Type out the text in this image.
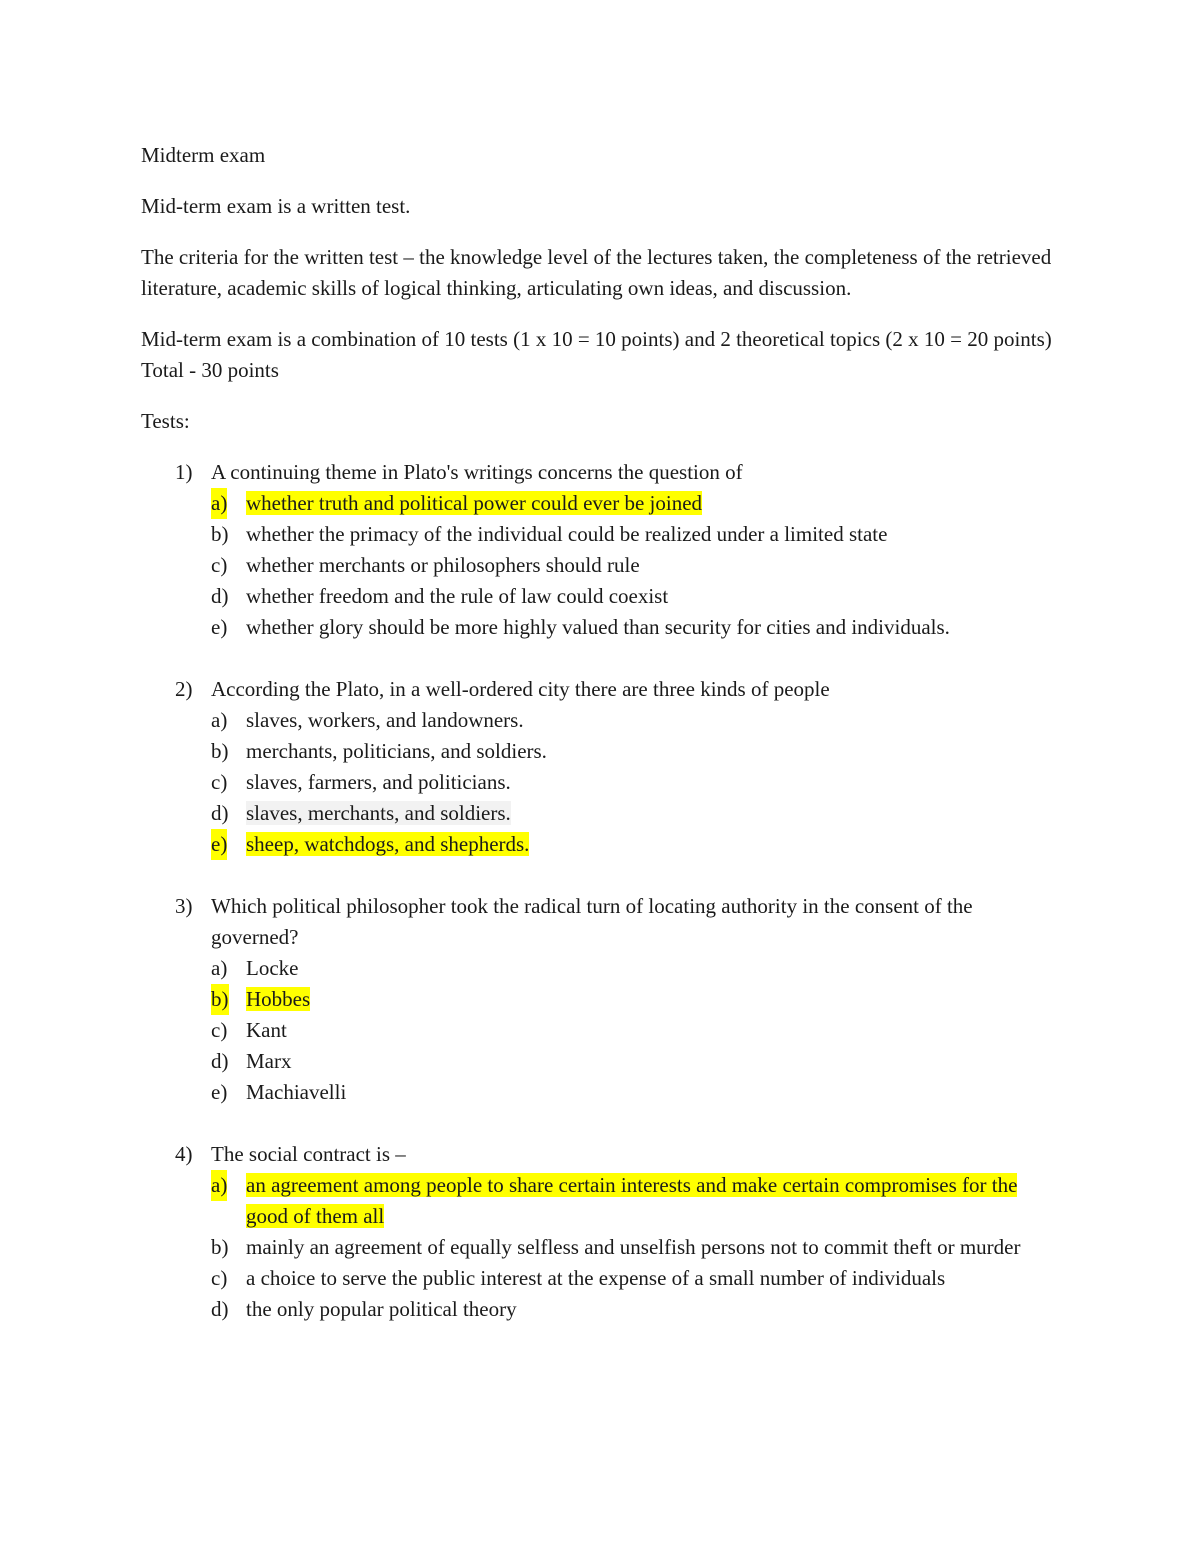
Midterm exam

Mid-term exam is a written test.

The criteria for the written test – the knowledge level of the lectures taken, the completeness of the retrieved literature, academic skills of logical thinking, articulating own ideas, and discussion.

Mid-term exam is a combination of 10 tests (1 x 10 = 10 points) and 2 theoretical topics (2 x 10 = 20 points) Total - 30 points

Tests:

1) A continuing theme in Plato's writings concerns the question of
a) whether truth and political power could ever be joined
b) whether the primacy of the individual could be realized under a limited state
c) whether merchants or philosophers should rule
d) whether freedom and the rule of law could coexist
e) whether glory should be more highly valued than security for cities and individuals.
2) According the Plato, in a well-ordered city there are three kinds of people
a) slaves, workers, and landowners.
b) merchants, politicians, and soldiers.
c) slaves, farmers, and politicians.
d) slaves, merchants, and soldiers.
e) sheep, watchdogs, and shepherds.
3) Which political philosopher took the radical turn of locating authority in the consent of the governed?
a) Locke
b) Hobbes
c) Kant
d) Marx
e) Machiavelli
4) The social contract is –
a) an agreement among people to share certain interests and make certain compromises for the good of them all
b) mainly an agreement of equally selfless and unselfish persons not to commit theft or murder
c) a choice to serve the public interest at the expense of a small number of individuals
d) the only popular political theory
